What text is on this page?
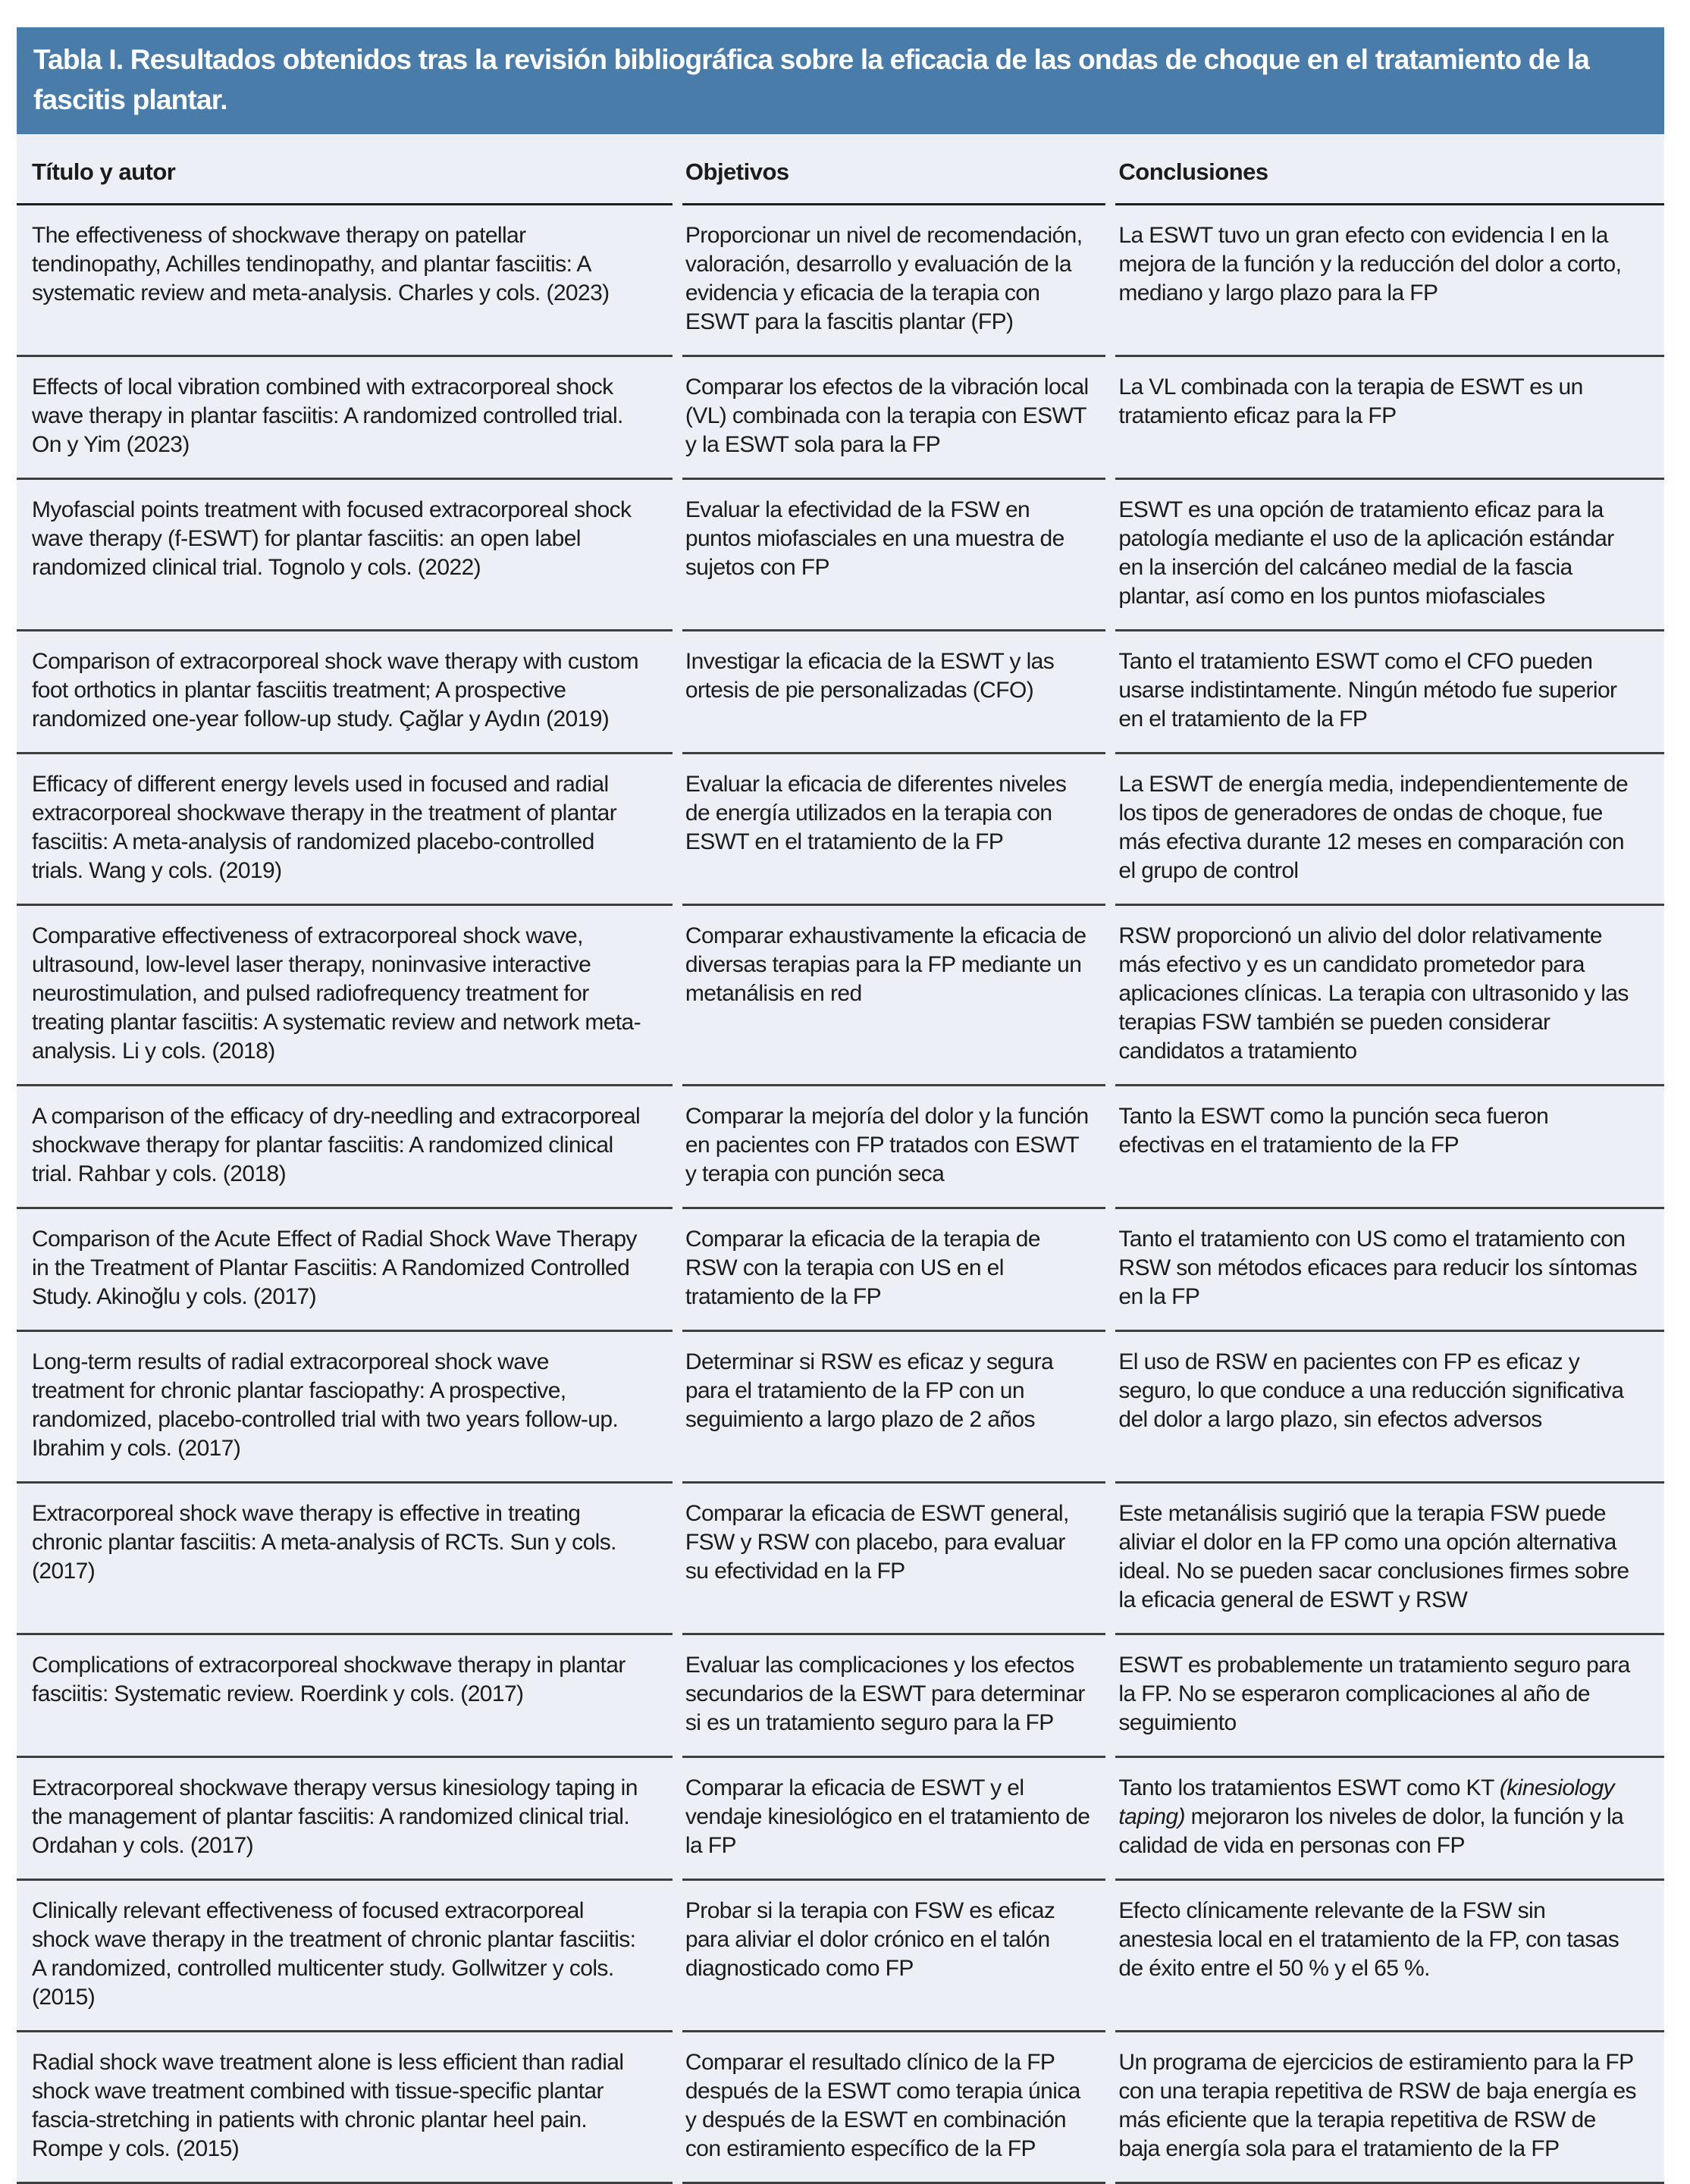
Tabla I. Resultados obtenidos tras la revisión bibliográfica sobre la eficacia de las ondas de choque en el tratamiento de la fascitis plantar.
Título y autor	Objetivos	Conclusiones
The effectiveness of shockwave therapy on patellar tendinopathy, Achilles tendinopathy, and plantar fasciitis: A systematic review and meta-analysis. Charles y cols. (2023)	Proporcionar un nivel de recomendación, valoración, desarrollo y evaluación de la evidencia y eficacia de la terapia con ESWT para la fascitis plantar (FP)	La ESWT tuvo un gran efecto con evidencia I en la mejora de la función y la reducción del dolor a corto, mediano y largo plazo para la FP
Effects of local vibration combined with extracorporeal shock wave therapy in plantar fasciitis: A randomized controlled trial. On y Yim (2023)	Comparar los efectos de la vibración local (VL) combinada con la terapia con ESWT y la ESWT sola para la FP	La VL combinada con la terapia de ESWT es un tratamiento eficaz para la FP
Myofascial points treatment with focused extracorporeal shock wave therapy (f-ESWT) for plantar fasciitis: an open label randomized clinical trial. Tognolo y cols. (2022)	Evaluar la efectividad de la FSW en puntos miofasciales en una muestra de sujetos con FP	ESWT es una opción de tratamiento eficaz para la patología mediante el uso de la aplicación estándar en la inserción del calcáneo medial de la fascia plantar, así como en los puntos miofasciales
Comparison of extracorporeal shock wave therapy with custom foot orthotics in plantar fasciitis treatment; A prospective randomized one-year follow-up study. Çağlar y Aydın (2019)	Investigar la eficacia de la ESWT y las ortesis de pie personalizadas (CFO)	Tanto el tratamiento ESWT como el CFO pueden usarse indistintamente. Ningún método fue superior en el tratamiento de la FP
Efficacy of different energy levels used in focused and radial extracorporeal shockwave therapy in the treatment of plantar fasciitis: A meta-analysis of randomized placebo-controlled trials. Wang y cols. (2019)	Evaluar la eficacia de diferentes niveles de energía utilizados en la terapia con ESWT en el tratamiento de la FP	La ESWT de energía media, independientemente de los tipos de generadores de ondas de choque, fue más efectiva durante 12 meses en comparación con el grupo de control
Comparative effectiveness of extracorporeal shock wave, ultrasound, low-level laser therapy, noninvasive interactive neurostimulation, and pulsed radiofrequency treatment for treating plantar fasciitis: A systematic review and network meta-analysis. Li y cols. (2018)	Comparar exhaustivamente la eficacia de diversas terapias para la FP mediante un metanálisis en red	RSW proporcionó un alivio del dolor relativamente más efectivo y es un candidato prometedor para aplicaciones clínicas. La terapia con ultrasonido y las terapias FSW también se pueden considerar candidatos a tratamiento
A comparison of the efficacy of dry-needling and extracorporeal shockwave therapy for plantar fasciitis: A randomized clinical trial. Rahbar y cols. (2018)	Comparar la mejoría del dolor y la función en pacientes con FP tratados con ESWT y terapia con punción seca	Tanto la ESWT como la punción seca fueron efectivas en el tratamiento de la FP
Comparison of the Acute Effect of Radial Shock Wave Therapy in the Treatment of Plantar Fasciitis: A Randomized Controlled Study. Akinoğlu y cols. (2017)	Comparar la eficacia de la terapia de RSW con la terapia con US en el tratamiento de la FP	Tanto el tratamiento con US como el tratamiento con RSW son métodos eficaces para reducir los síntomas en la FP
Long-term results of radial extracorporeal shock wave treatment for chronic plantar fasciopathy: A prospective, randomized, placebo-controlled trial with two years follow-up. Ibrahim y cols. (2017)	Determinar si RSW es eficaz y segura para el tratamiento de la FP con un seguimiento a largo plazo de 2 años	El uso de RSW en pacientes con FP es eficaz y seguro, lo que conduce a una reducción significativa del dolor a largo plazo, sin efectos adversos
Extracorporeal shock wave therapy is effective in treating chronic plantar fasciitis: A meta-analysis of RCTs. Sun y cols. (2017)	Comparar la eficacia de ESWT general, FSW y RSW con placebo, para evaluar su efectividad en la FP	Este metanálisis sugirió que la terapia FSW puede aliviar el dolor en la FP como una opción alternativa ideal. No se pueden sacar conclusiones firmes sobre la eficacia general de ESWT y RSW
Complications of extracorporeal shockwave therapy in plantar fasciitis: Systematic review. Roerdink y cols. (2017)	Evaluar las complicaciones y los efectos secundarios de la ESWT para determinar si es un tratamiento seguro para la FP	ESWT es probablemente un tratamiento seguro para la FP. No se esperaron complicaciones al año de seguimiento
Extracorporeal shockwave therapy versus kinesiology taping in the management of plantar fasciitis: A randomized clinical trial. Ordahan y cols. (2017)	Comparar la eficacia de ESWT y el vendaje kinesiológico en el tratamiento de la FP	Tanto los tratamientos ESWT como KT (kinesiology taping) mejoraron los niveles de dolor, la función y la calidad de vida en personas con FP
Clinically relevant effectiveness of focused extracorporeal shock wave therapy in the treatment of chronic plantar fasciitis: A randomized, controlled multicenter study. Gollwitzer y cols. (2015)	Probar si la terapia con FSW es eficaz para aliviar el dolor crónico en el talón diagnosticado como FP	Efecto clínicamente relevante de la FSW sin anestesia local en el tratamiento de la FP, con tasas de éxito entre el 50 % y el 65 %.
Radial shock wave treatment alone is less efficient than radial shock wave treatment combined with tissue-specific plantar fascia-stretching in patients with chronic plantar heel pain. Rompe y cols. (2015)	Comparar el resultado clínico de la FP después de la ESWT como terapia única y después de la ESWT en combinación con estiramiento específico de la FP	Un programa de ejercicios de estiramiento para la FP con una terapia repetitiva de RSW de baja energía es más eficiente que la terapia repetitiva de RSW de baja energía sola para el tratamiento de la FP
